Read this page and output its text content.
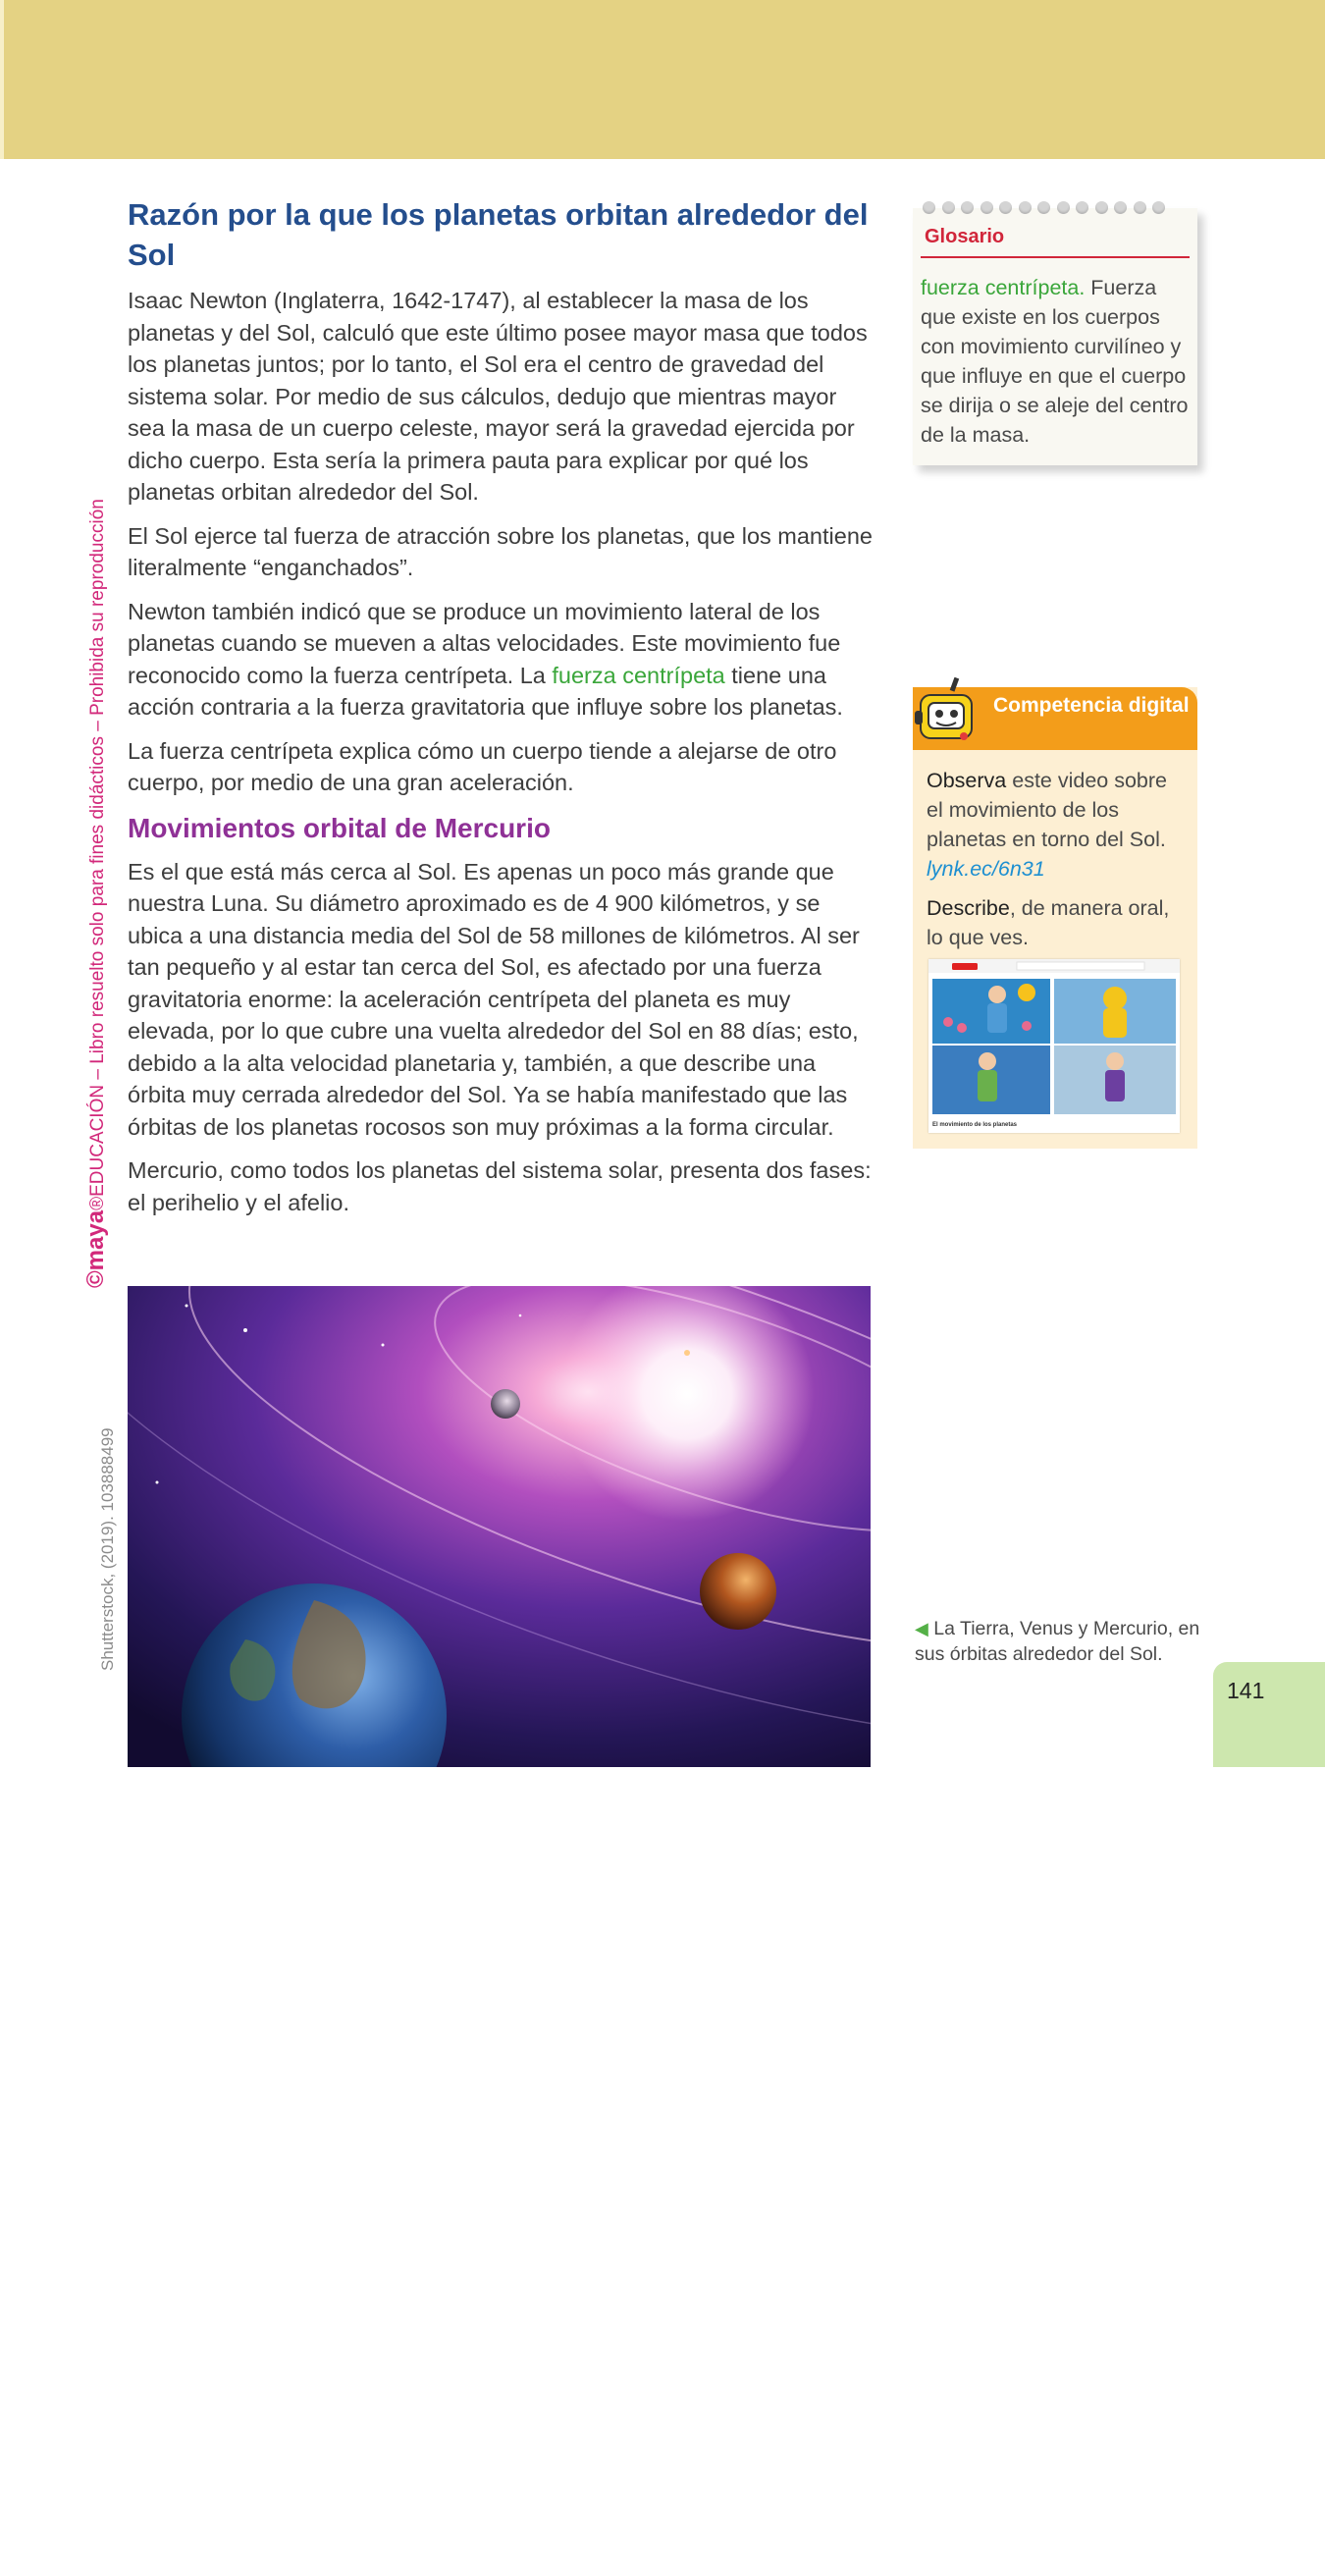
©maya®EDUCACIÓN – Libro resuelto solo para fines didácticos – Prohibida su reproducción
Shutterstock, (2019). 103888499
Razón por la que los planetas orbitan alrededor del Sol

Isaac Newton (Inglaterra, 1642-1747), al establecer la masa de los planetas y del Sol, calculó que este último posee mayor masa que todos los planetas juntos; por lo tanto, el Sol era el centro de gravedad del sistema solar. Por medio de sus cálculos, dedujo que mientras mayor sea la masa de un cuerpo celeste, mayor será la gravedad ejercida por dicho cuerpo. Esta sería la primera pauta para explicar por qué los planetas orbitan alrededor del Sol.

El Sol ejerce tal fuerza de atracción sobre los planetas, que los mantiene literalmente “enganchados”.

Newton también indicó que se produce un movimiento lateral de los planetas cuando se mueven a altas velocidades. Este movimiento fue reconocido como la fuerza centrípeta. La fuerza centrípeta tiene una acción contraria a la fuerza gravitatoria que influye sobre los planetas.

La fuerza centrípeta explica cómo un cuerpo tiende a alejarse de otro cuerpo, por medio de una gran aceleración.

Movimientos orbital de Mercurio

Es el que está más cerca al Sol. Es apenas un poco más grande que nuestra Luna. Su diámetro aproximado es de 4 900 kilómetros, y se ubica a una distancia media del Sol de 58 millones de kilómetros. Al ser tan pequeño y al estar tan cerca del Sol, es afectado por una fuerza gravitatoria enorme: la aceleración centrípeta del planeta es muy elevada, por lo que cubre una vuelta alrededor del Sol en 88 días; esto, debido a la alta velocidad planetaria y, también, a que describe una órbita muy cerrada alrededor del Sol. Ya se había manifestado que las órbitas de los planetas rocosos son muy próximas a la forma circular.

Mercurio, como todos los planetas del sistema solar, presenta dos fases: el perihelio y el afelio.

Glosario
fuerza centrípeta. Fuerza que existe en los cuerpos con movimiento curvilíneo y que influye en que el cuerpo se dirija o se aleje del centro de la masa.
Competencia digital

Observa este video sobre el movimiento de los planetas en torno del Sol. lynk.ec/6n31

Describe, de manera oral, lo que ves.

El movimiento de los planetas
◀ La Tierra, Venus y Mercurio, en sus órbitas alrededor del Sol.
141
